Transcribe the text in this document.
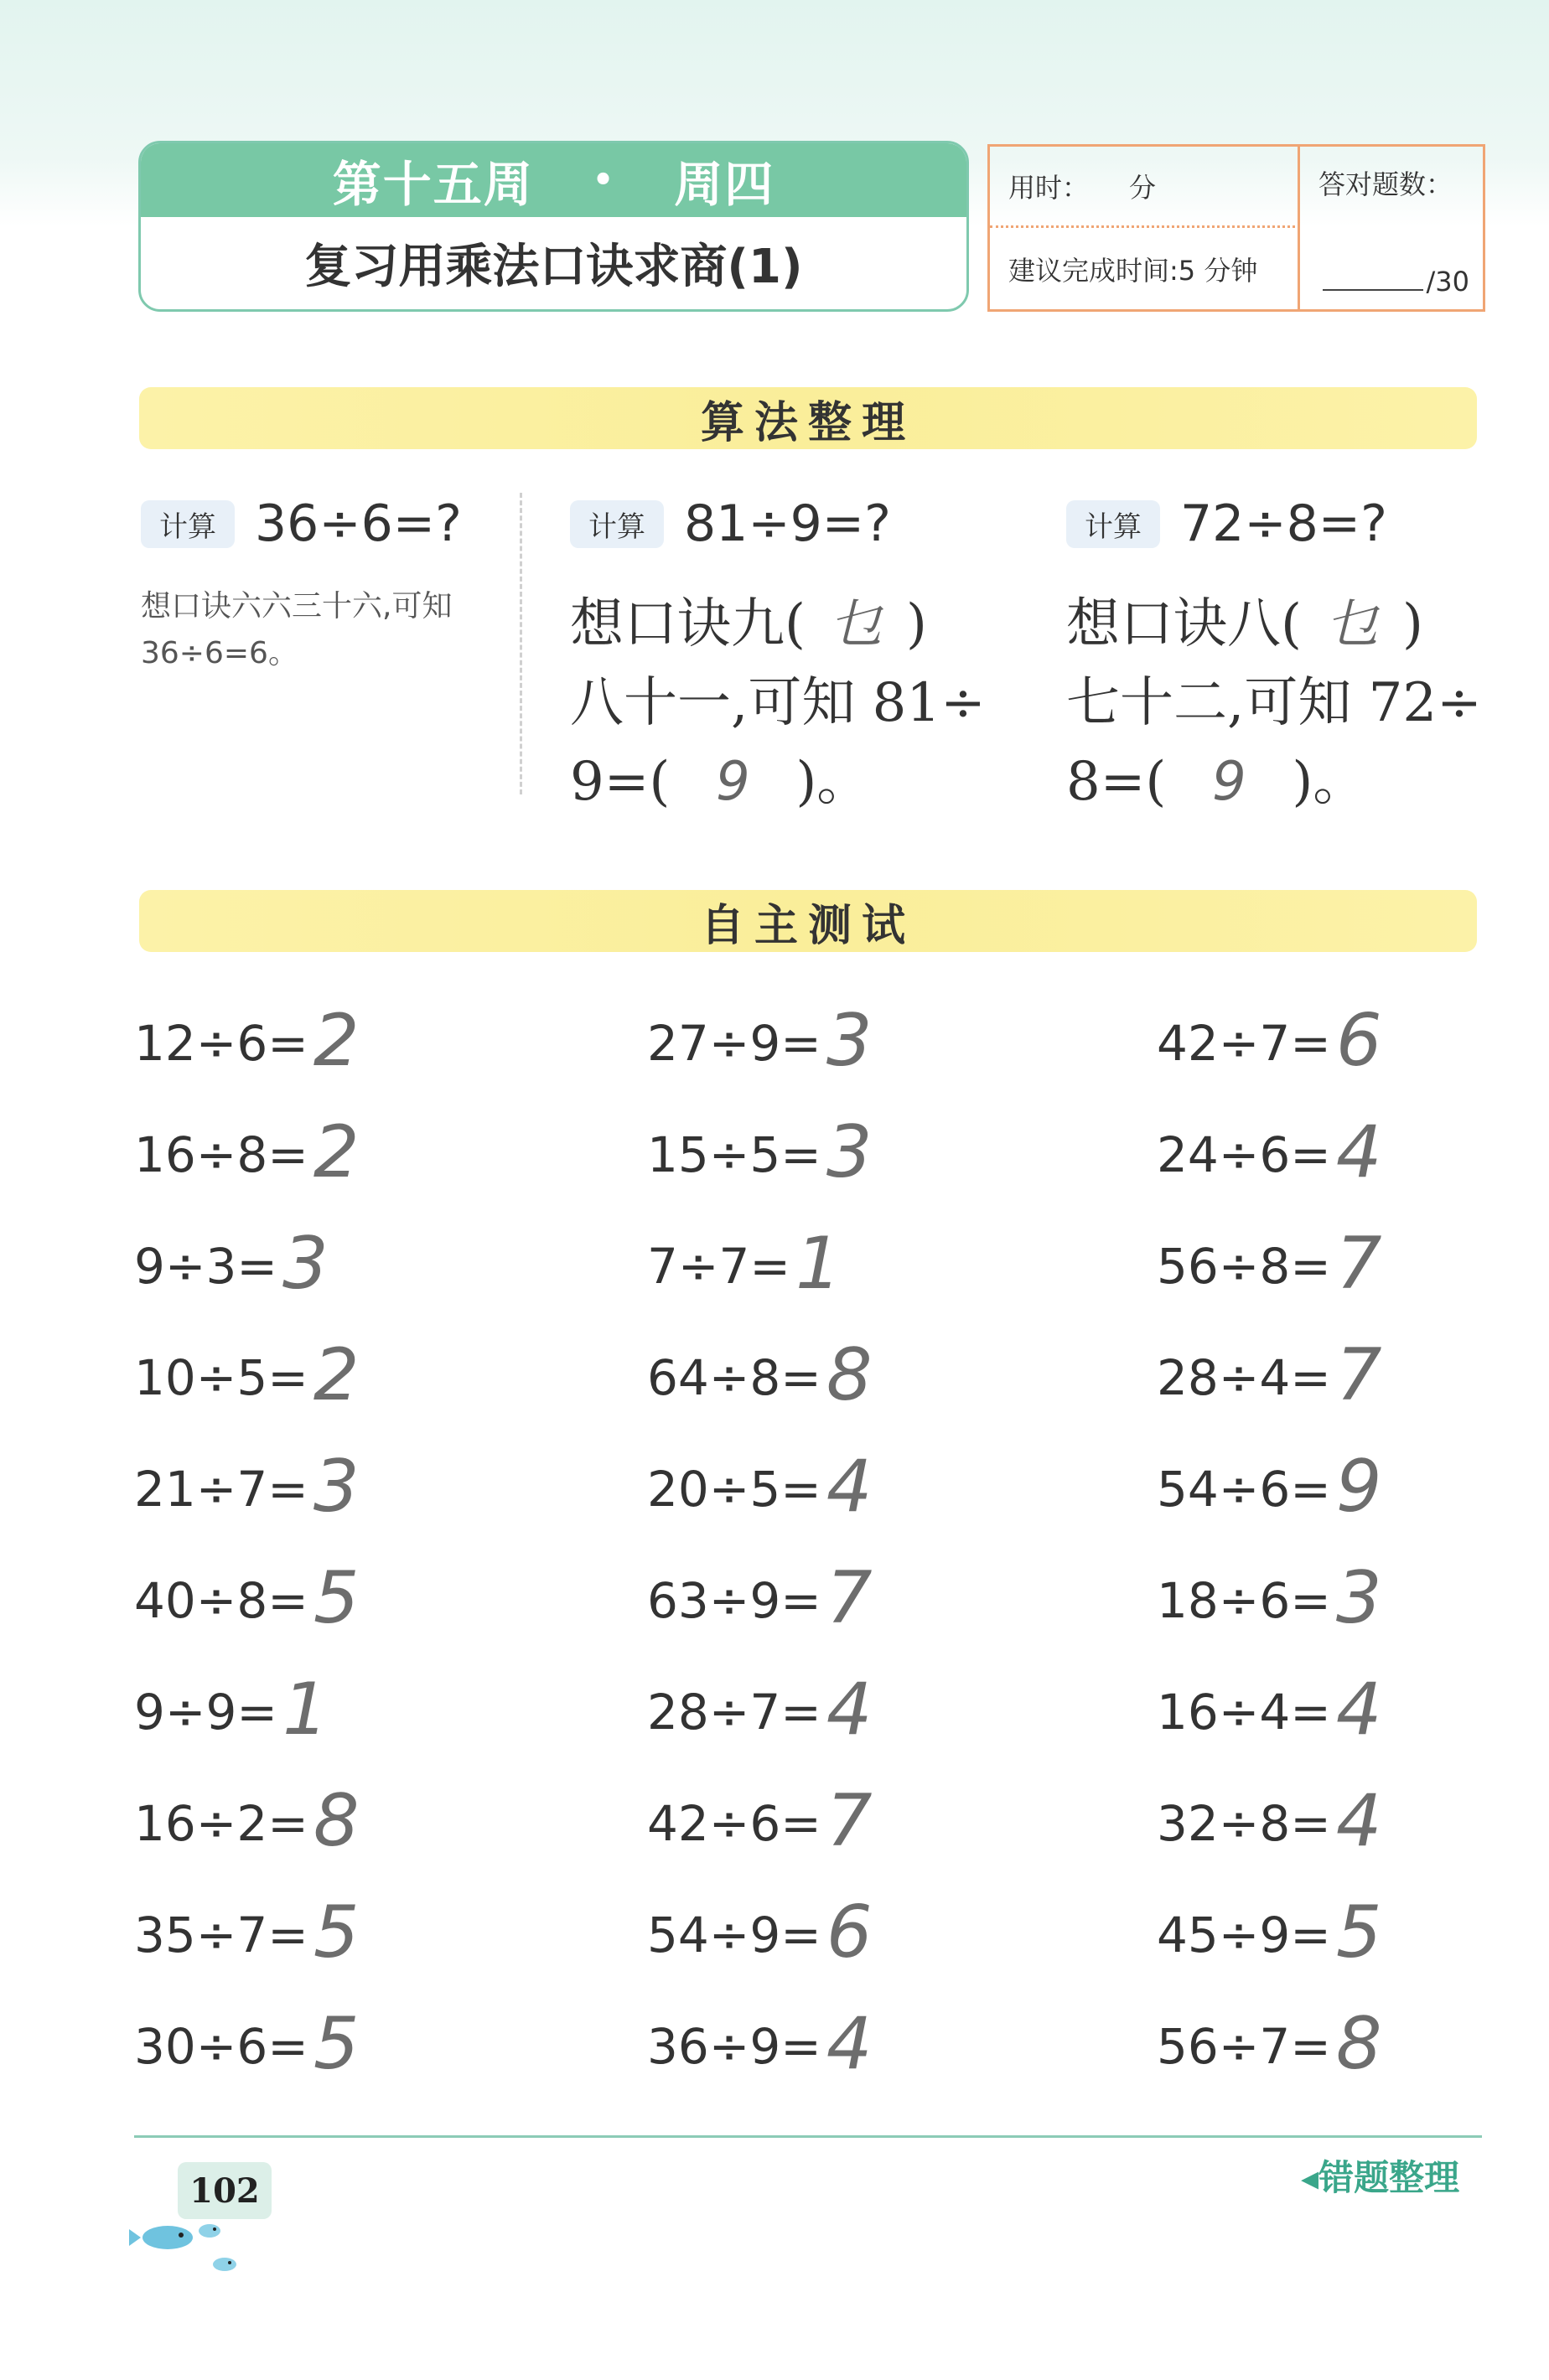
第十五周 • 周四
复习用乘法口诀求商(1)
用时：　　分	答对题数：
/30
建议完成时间:5 分钟
算法整理
计算 36÷6=?
想口诀六六三十六,可知
36÷6=6。
计算 81÷9=?
想口诀九( 乜 )
八十一,可知 81÷
9=( 9 )。
计算 72÷8=?
想口诀八( 乜 )
七十二,可知 72÷
8=( 9 )。
自主测试
12÷6=2
16÷8=2
9÷3=3
10÷5=2
21÷7=3
40÷8=5
9÷9=1
16÷2=8
35÷7=5
30÷6=5
27÷9=3
15÷5=3
7÷7=1
64÷8=8
20÷5=4
63÷9=7
28÷7=4
42÷6=7
54÷9=6
36÷9=4
42÷7=6
24÷6=4
56÷8=7
28÷4=7
54÷6=9
18÷6=3
16÷4=4
32÷8=4
45÷9=5
56÷7=8
102	◂错题整理
